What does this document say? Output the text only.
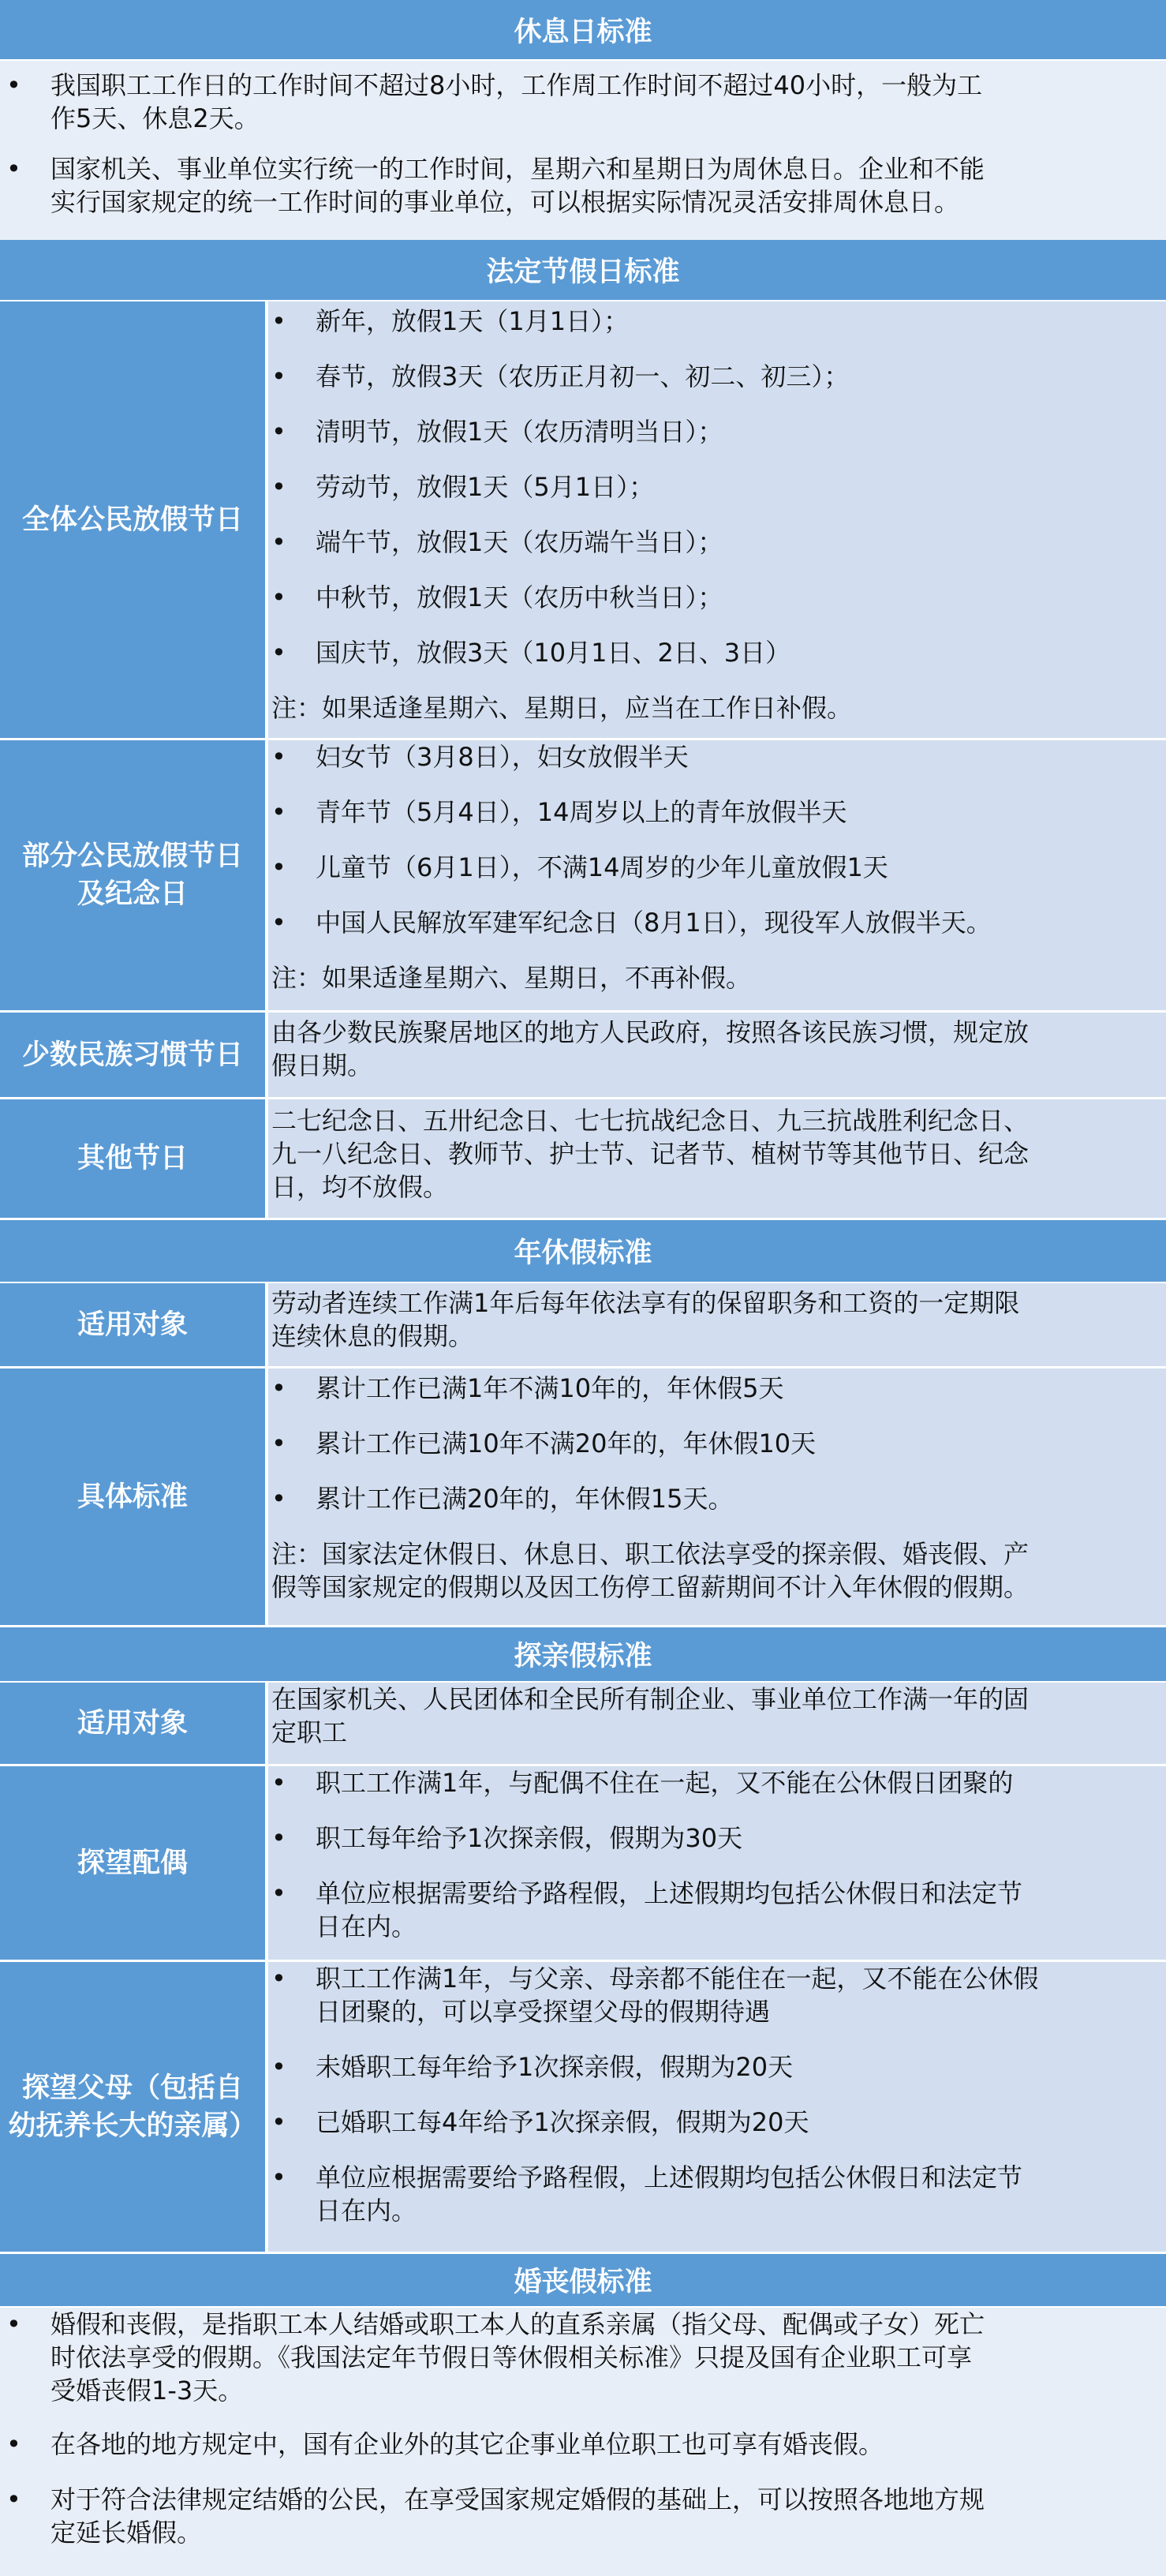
休息日标准
• 我国职工工作日的工作时间不超过8小时，工作周工作时间不超过40小时，一般为工
作5天、休息2天。
• 国家机关、事业单位实行统一的工作时间，星期六和星期日为周休息日。企业和不能
实行国家规定的统一工作时间的事业单位，可以根据实际情况灵活安排周休息日。
法定节假日标准
全体公民放假节日
• 新年，放假1天（1月1日）；
• 春节，放假3天（农历正月初一、初二、初三）；
• 清明节，放假1天（农历清明当日）；
• 劳动节，放假1天（5月1日）；
• 端午节，放假1天（农历端午当日）；
• 中秋节，放假1天（农历中秋当日）；
• 国庆节，放假3天（10月1日、2日、3日）
注：如果适逢星期六、星期日，应当在工作日补假。
部分公民放假节日
及纪念日
• 妇女节（3月8日），妇女放假半天
• 青年节（5月4日），14周岁以上的青年放假半天
• 儿童节（6月1日），不满14周岁的少年儿童放假1天
• 中国人民解放军建军纪念日（8月1日），现役军人放假半天。
注：如果适逢星期六、星期日，不再补假。
少数民族习惯节日
由各少数民族聚居地区的地方人民政府，按照各该民族习惯，规定放
假日期。
其他节日
二七纪念日、五卅纪念日、七七抗战纪念日、九三抗战胜利纪念日、
九一八纪念日、教师节、护士节、记者节、植树节等其他节日、纪念
日，均不放假。
年休假标准
适用对象
劳动者连续工作满1年后每年依法享有的保留职务和工资的一定期限
连续休息的假期。
具体标准
• 累计工作已满1年不满10年的，年休假5天
• 累计工作已满10年不满20年的，年休假10天
• 累计工作已满20年的，年休假15天。
注：国家法定休假日、休息日、职工依法享受的探亲假、婚丧假、产
假等国家规定的假期以及因工伤停工留薪期间不计入年休假的假期。
探亲假标准
适用对象
在国家机关、人民团体和全民所有制企业、事业单位工作满一年的固
定职工
探望配偶
• 职工工作满1年，与配偶不住在一起，又不能在公休假日团聚的
• 职工每年给予1次探亲假，假期为30天
• 单位应根据需要给予路程假，上述假期均包括公休假日和法定节
日在内。
探望父母（包括自
幼抚养长大的亲属）
• 职工工作满1年，与父亲、母亲都不能住在一起，又不能在公休假
日团聚的，可以享受探望父母的假期待遇
• 未婚职工每年给予1次探亲假，假期为20天
• 已婚职工每4年给予1次探亲假，假期为20天
• 单位应根据需要给予路程假，上述假期均包括公休假日和法定节
日在内。
婚丧假标准
• 婚假和丧假，是指职工本人结婚或职工本人的直系亲属（指父母、配偶或子女）死亡
时依法享受的假期。《我国法定年节假日等休假相关标准》只提及国有企业职工可享
受婚丧假1-3天。
• 在各地的地方规定中，国有企业外的其它企事业单位职工也可享有婚丧假。
• 对于符合法律规定结婚的公民，在享受国家规定婚假的基础上，可以按照各地地方规
定延长婚假。
